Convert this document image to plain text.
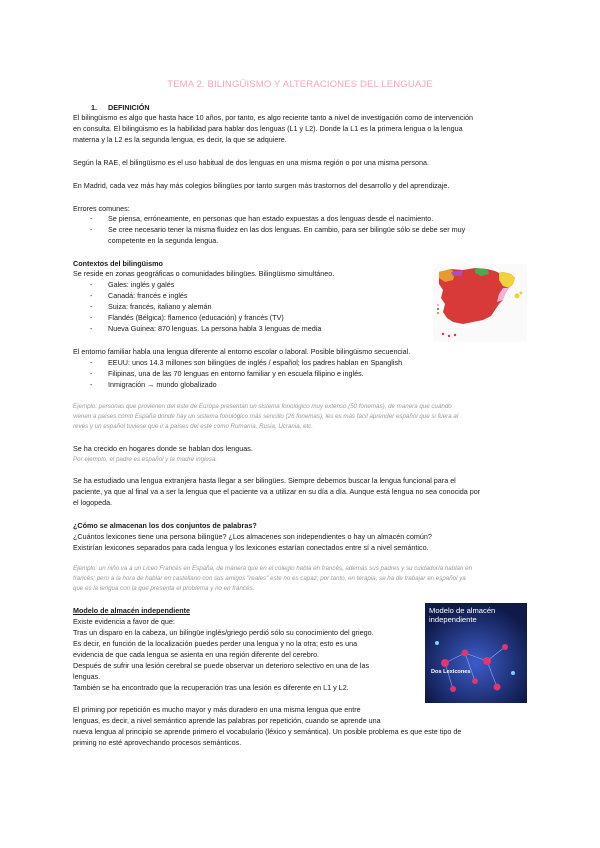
TEMA 2. BILINGÜISMO Y ALTERACIONES DEL LENGUAJE
1. DEFINICIÓN
El bilingüismo es algo que hasta hace 10 años, por tanto, es algo reciente tanto a nivel de investigación como de intervención
en consulta. El bilingüismo es la habilidad para hablar dos lenguas (L1 y L2). Donde la L1 es la primera lengua o la lengua
materna y la L2 es la segunda lengua, es decir, la que se adquiere.
Según la RAE, el bilingüismo es el uso habitual de dos lenguas en una misma región o por una misma persona.
En Madrid, cada vez más hay más colegios bilingües por tanto surgen más trastornos del desarrollo y del aprendizaje.
Errores comunes:
- Se piensa, erróneamente, en personas que han estado expuestas a dos lenguas desde el nacimiento.
- Se cree necesario tener la misma fluidez en las dos lenguas. En cambio, para ser bilingüe sólo se debe ser muy
competente en la segunda lengua.
Contextos del bilingüismo
Se reside en zonas geográficas o comunidades bilingües. Bilingüismo simultáneo.
- Gales: inglés y galés
- Canadá: francés e inglés
- Suiza: francés, italiano y alemán
- Flandés (Bélgica): flamenco (educación) y francés (TV)
- Nueva Guinea: 870 lenguas. La persona habla 3 lenguas de media
El entorno familiar habla una lengua diferente al entorno escolar o laboral. Posible bilingüismo secuencial.
- EEUU: unos 14.3 millones son bilingües de inglés / español; los padres hablan en Spanglish
- Filipinas, una de las 70 lenguas en entorno familiar y en escuela filipino e inglés.
- Inmigración → mundo globalizado
Ejemplo: personas que provienen del este de Europa presentan un sistema fonológico muy extenso (50 fonemas), de manera que cuando
vienen a países como España donde hay un sistema fonológico más sencillo (26 fonemas), les es más fácil aprender español que si fuera al
revés y un español tuviese que ir a países del este como Rumanía, Rusia, Ucrania, etc.
Se ha crecido en hogares donde se hablan dos lenguas.
Por ejemplo, el padre es español y la madre inglesa.
Se ha estudiado una lengua extranjera hasta llegar a ser bilingües. Siempre debemos buscar la lengua funcional para el
paciente, ya que al final va a ser la lengua que el paciente va a utilizar en su día a día. Aunque está lengua no sea conocida por
el logopeda.
¿Cómo se almacenan los dos conjuntos de palabras?
¿Cuántos lexicones tiene una persona bilingüe? ¿Los almacenes son independientes o hay un almacén común?
Existirían lexicones separados para cada lengua y los lexicones estarían conectados entre sí a nivel semántico.
Ejemplo: un niño va a un Liceo Francés en España, de manera que en el colegio habla en francés, además sus padres y su cuidador/a hablan en
francés; pero a la hora de hablar en castellano con sus amigos "reales" este no es capaz; por tanto, en terapia, se ha de trabajar en español ya
que es la lengua con la que presenta el problema y no en francés.
Modelo de almacén independiente
Existe evidencia a favor de que:
Tras un disparo en la cabeza, un bilingüe inglés/griego perdió sólo su conocimiento del griego.
Es decir, en función de la localización puedes perder una lengua y no la otra; esto es una
evidencia de que cada lengua se asienta en una región diferente del cerebro.
Después de sufrir una lesión cerebral se puede observar un deterioro selectivo en una de las
lenguas.
También se ha encontrado que la recuperación tras una lesión es diferente en L1 y L2.
Modelo de almacén
independiente
Dos Lexicones
El priming por repetición es mucho mayor y más duradero en una misma lengua que entre
lenguas, es decir, a nivel semántico aprende las palabras por repetición, cuando se aprende una
nueva lengua al principio se aprende primero el vocabulario (léxico y semántica). Un posible problema es que este tipo de
priming no esté aprovechando procesos semánticos.
